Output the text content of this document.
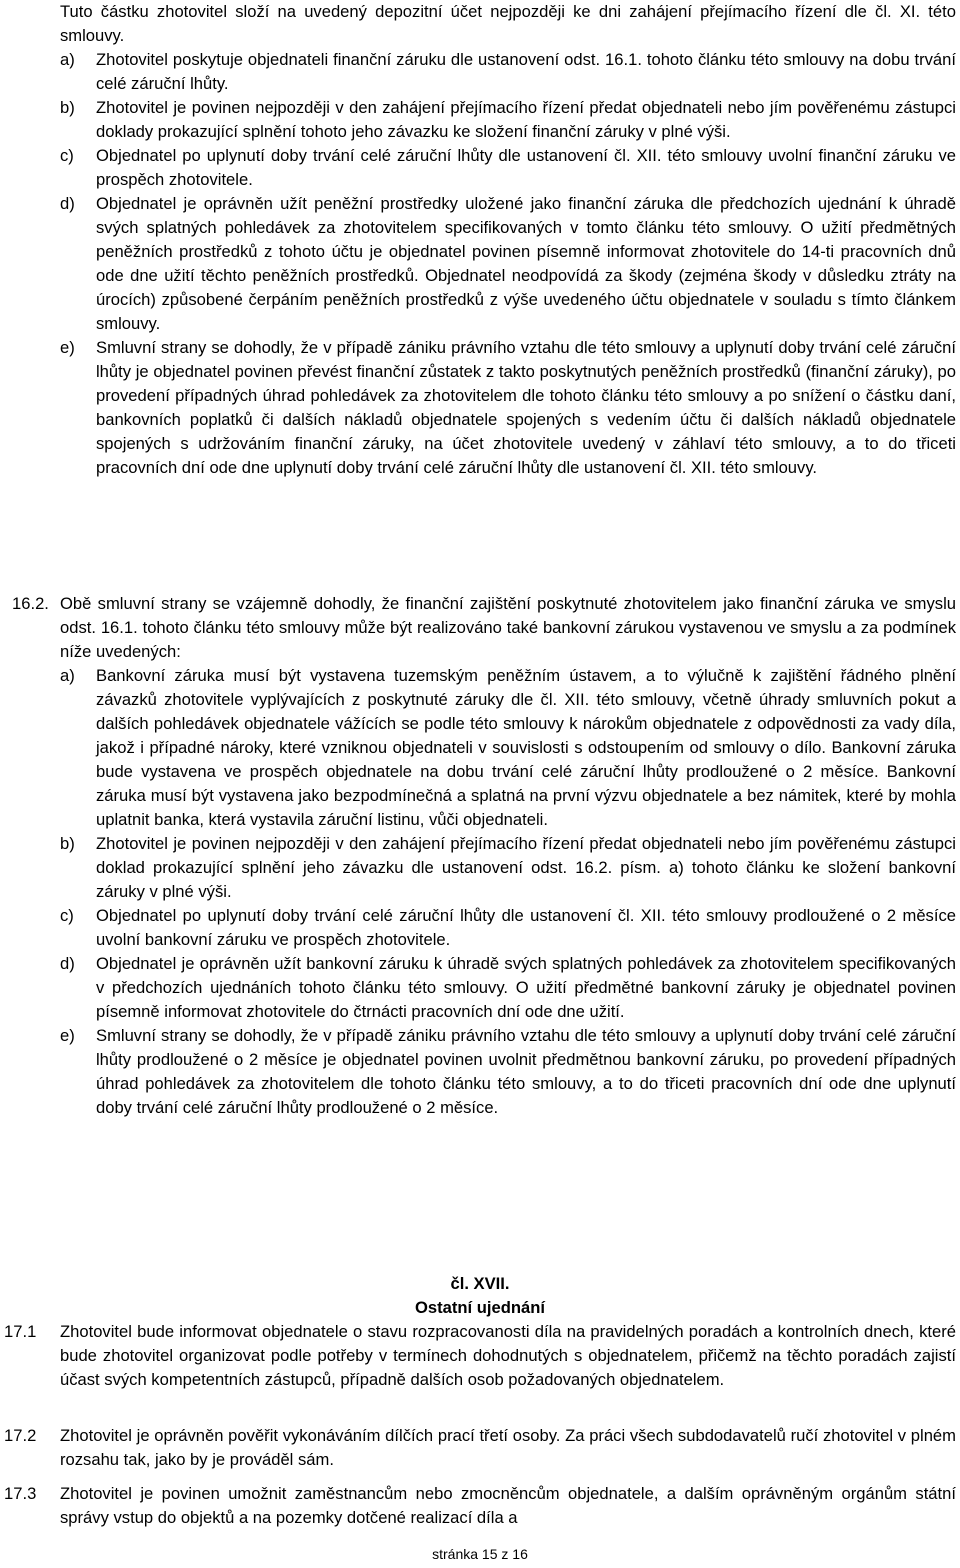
Tuto částku zhotovitel složí na uvedený depozitní účet nejpozději ke dni zahájení přejímacího řízení dle čl. XI. této smlouvy.

a)	Zhotovitel poskytuje objednateli finanční záruku dle ustanovení odst. 16.1. tohoto článku této smlouvy na dobu trvání celé záruční lhůty.
b)	Zhotovitel je povinen nejpozději v den zahájení přejímacího řízení předat objednateli nebo jím pověřenému zástupci doklady prokazující splnění tohoto jeho závazku ke složení finanční záruky v plné výši.
c)	Objednatel po uplynutí doby trvání celé záruční lhůty dle ustanovení čl. XII. této smlouvy uvolní finanční záruku ve prospěch zhotovitele.
d)	Objednatel je oprávněn užít peněžní prostředky uložené jako finanční záruka dle předchozích ujednání k úhradě svých splatných pohledávek za zhotovitelem specifikovaných v tomto článku této smlouvy. O užití předmětných peněžních prostředků z tohoto účtu je objednatel povinen písemně informovat zhotovitele do 14-ti pracovních dnů ode dne užití těchto peněžních prostředků. Objednatel neodpovídá za škody (zejména škody v důsledku ztráty na úrocích) způsobené čerpáním peněžních prostředků z výše uvedeného účtu objednatele v souladu s tímto článkem smlouvy.
e)	Smluvní strany se dohodly, že v případě zániku právního vztahu dle této smlouvy a uplynutí doby trvání celé záruční lhůty je objednatel povinen převést finanční zůstatek z takto poskytnutých peněžních prostředků (finanční záruky), po provedení případných úhrad pohledávek za zhotovitelem dle tohoto článku této smlouvy a po snížení o částku daní, bankovních poplatků či dalších nákladů objednatele spojených s vedením účtu či dalších nákladů objednatele spojených s udržováním finanční záruky, na účet zhotovitele uvedený v záhlaví této smlouvy, a to do třiceti pracovních dní ode dne uplynutí doby trvání celé záruční lhůty dle ustanovení čl. XII. této smlouvy.
16.2. Obě smluvní strany se vzájemně dohodly, že finanční zajištění poskytnuté zhotovitelem jako finanční záruka ve smyslu odst. 16.1. tohoto článku této smlouvy může být realizováno také bankovní zárukou vystavenou ve smyslu a za podmínek níže uvedených:
a)	Bankovní záruka musí být vystavena tuzemským peněžním ústavem, a to výlučně k zajištění řádného plnění závazků zhotovitele vyplývajících z poskytnuté záruky dle čl. XII. této smlouvy, včetně úhrady smluvních pokut a dalších pohledávek objednatele vážících se podle této smlouvy k nárokům objednatele z odpovědnosti za vady díla, jakož i případné nároky, které vzniknou objednateli v souvislosti s odstoupením od smlouvy o dílo. Bankovní záruka bude vystavena ve prospěch objednatele na dobu trvání celé záruční lhůty prodloužené o 2 měsíce. Bankovní záruka musí být vystavena jako bezpodmínečná a splatná na první výzvu objednatele a bez námitek, které by mohla uplatnit banka, která vystavila záruční listinu, vůči objednateli.
b)	Zhotovitel je povinen nejpozději v den zahájení přejímacího řízení předat objednateli nebo jím pověřenému zástupci doklad prokazující splnění jeho závazku dle ustanovení odst. 16.2. písm. a) tohoto článku ke složení bankovní záruky v plné výši.
c)	Objednatel po uplynutí doby trvání celé záruční lhůty dle ustanovení čl. XII. této smlouvy prodloužené o 2 měsíce uvolní bankovní záruku ve prospěch zhotovitele.
d)	Objednatel je oprávněn užít bankovní záruku k úhradě svých splatných pohledávek za zhotovitelem specifikovaných v předchozích ujednáních tohoto článku této smlouvy. O užití předmětné bankovní záruky je objednatel povinen písemně informovat zhotovitele do čtrnácti pracovních dní ode dne užití.
e)	Smluvní strany se dohodly, že v případě zániku právního vztahu dle této smlouvy a uplynutí doby trvání celé záruční lhůty prodloužené o 2 měsíce je objednatel povinen uvolnit předmětnou bankovní záruku, po provedení případných úhrad pohledávek za zhotovitelem dle tohoto článku této smlouvy, a to do třiceti pracovních dní ode dne uplynutí doby trvání celé záruční lhůty prodloužené o 2 měsíce.
čl. XVII.
Ostatní ujednání
17.1	Zhotovitel bude informovat objednatele o stavu rozpracovanosti díla na pravidelných poradách a kontrolních dnech, které bude zhotovitel organizovat podle potřeby v termínech dohodnutých s objednatelem, přičemž na těchto poradách zajistí účast svých kompetentních zástupců, případně dalších osob požadovaných objednatelem.
17.2	Zhotovitel je oprávněn pověřit vykonáváním dílčích prací třetí osoby. Za práci všech subdodavatelů ručí zhotovitel v plném rozsahu tak, jako by je prováděl sám.
17.3	Zhotovitel je povinen umožnit zaměstnancům nebo zmocněncům objednatele, a dalším oprávněným orgánům státní správy vstup do objektů a na pozemky dotčené realizací díla a
stránka 15 z 16
